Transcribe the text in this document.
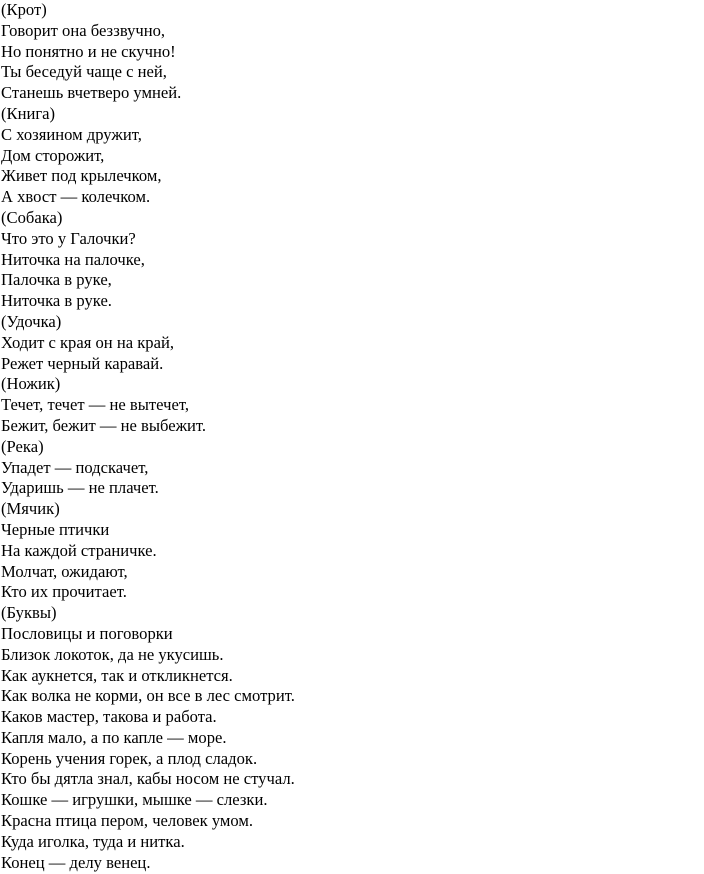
(Крот)
Говорит она беззвучно,
Но понятно и не скучно!
Ты беседуй чаще с ней,
Станешь вчетверо умней.
(Книга)
С хозяином дружит,
Дом сторожит,
Живет под крылечком,
А хвост — колечком.
(Собака)
Что это у Галочки?
Ниточка на палочке,
Палочка в руке,
Ниточка в руке.
(Удочка)
Ходит с края он на край,
Режет черный каравай.
(Ножик)
Течет, течет — не вытечет,
Бежит, бежит — не выбежит.
(Река)
Упадет — подскачет,
Ударишь — не плачет.
(Мячик)
Черные птички
На каждой страничке.
Молчат, ожидают,
Кто их прочитает.
(Буквы)
Пословицы и поговорки
Близок локоток, да не укусишь.
Как аукнется, так и откликнется.
Как волка не корми, он все в лес смотрит.
Каков мастер, такова и работа.
Капля мало, а по капле — море.
Корень учения горек, а плод сладок.
Кто бы дятла знал, кабы носом не стучал.
Кошке — игрушки, мышке — слезки.
Красна птица пером, человек умом.
Куда иголка, туда и нитка.
Конец — делу венец.
